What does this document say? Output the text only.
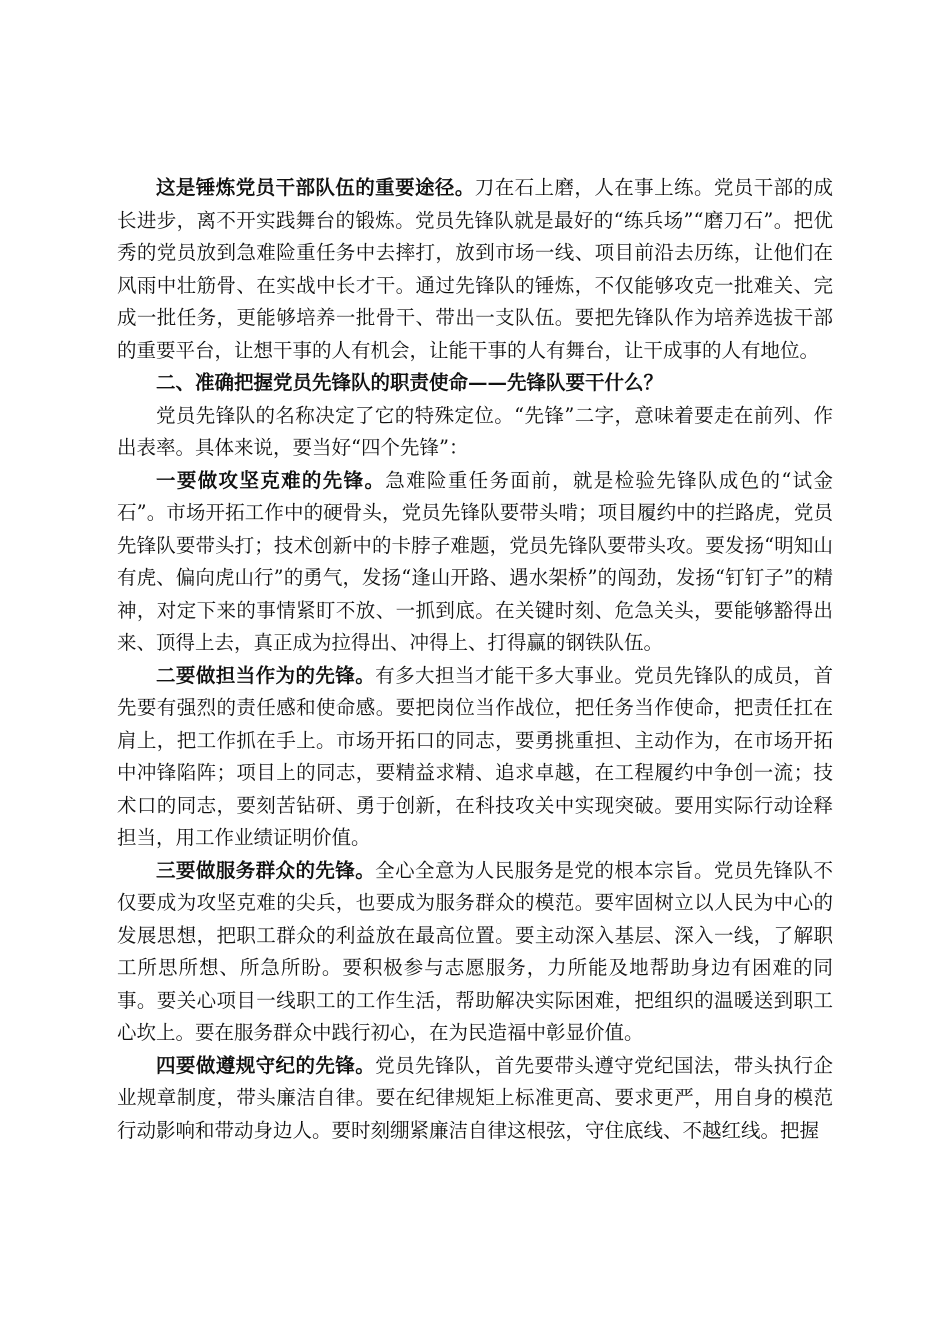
这是锤炼党员干部队伍的重要途径。刀在石上磨，人在事上练。党员干部的成长进步，离不开实践舞台的锻炼。党员先锋队就是最好的“练兵场”“磨刀石”。把优秀的党员放到急难险重任务中去摔打，放到市场一线、项目前沿去历练，让他们在风雨中壮筋骨、在实战中长才干。通过先锋队的锤炼，不仅能够攻克一批难关、完成一批任务，更能够培养一批骨干、带出一支队伍。要把先锋队作为培养选拔干部的重要平台，让想干事的人有机会，让能干事的人有舞台，让干成事的人有地位。

二、准确把握党员先锋队的职责使命——先锋队要干什么？

党员先锋队的名称决定了它的特殊定位。“先锋”二字，意味着要走在前列、作出表率。具体来说，要当好“四个先锋”：

一要做攻坚克难的先锋。急难险重任务面前，就是检验先锋队成色的“试金石”。市场开拓工作中的硬骨头，党员先锋队要带头啃；项目履约中的拦路虎，党员先锋队要带头打；技术创新中的卡脖子难题，党员先锋队要带头攻。要发扬“明知山有虎、偏向虎山行”的勇气，发扬“逢山开路、遇水架桥”的闯劲，发扬“钉钉子”的精神，对定下来的事情紧盯不放、一抓到底。在关键时刻、危急关头，要能够豁得出来、顶得上去，真正成为拉得出、冲得上、打得赢的钢铁队伍。

二要做担当作为的先锋。有多大担当才能干多大事业。党员先锋队的成员，首先要有强烈的责任感和使命感。要把岗位当作战位，把任务当作使命，把责任扛在肩上，把工作抓在手上。市场开拓口的同志，要勇挑重担、主动作为，在市场开拓中冲锋陷阵；项目上的同志，要精益求精、追求卓越，在工程履约中争创一流；技术口的同志，要刻苦钻研、勇于创新，在科技攻关中实现突破。要用实际行动诠释担当，用工作业绩证明价值。

三要做服务群众的先锋。全心全意为人民服务是党的根本宗旨。党员先锋队不仅要成为攻坚克难的尖兵，也要成为服务群众的模范。要牢固树立以人民为中心的发展思想，把职工群众的利益放在最高位置。要主动深入基层、深入一线，了解职工所思所想、所急所盼。要积极参与志愿服务，力所能及地帮助身边有困难的同事。要关心项目一线职工的工作生活，帮助解决实际困难，把组织的温暖送到职工心坎上。要在服务群众中践行初心，在为民造福中彰显价值。

四要做遵规守纪的先锋。党员先锋队，首先要带头遵守党纪国法，带头执行企业规章制度，带头廉洁自律。要在纪律规矩上标准更高、要求更严，用自身的模范行动影响和带动身边人。要时刻绷紧廉洁自律这根弦，守住底线、不越红线。把握
